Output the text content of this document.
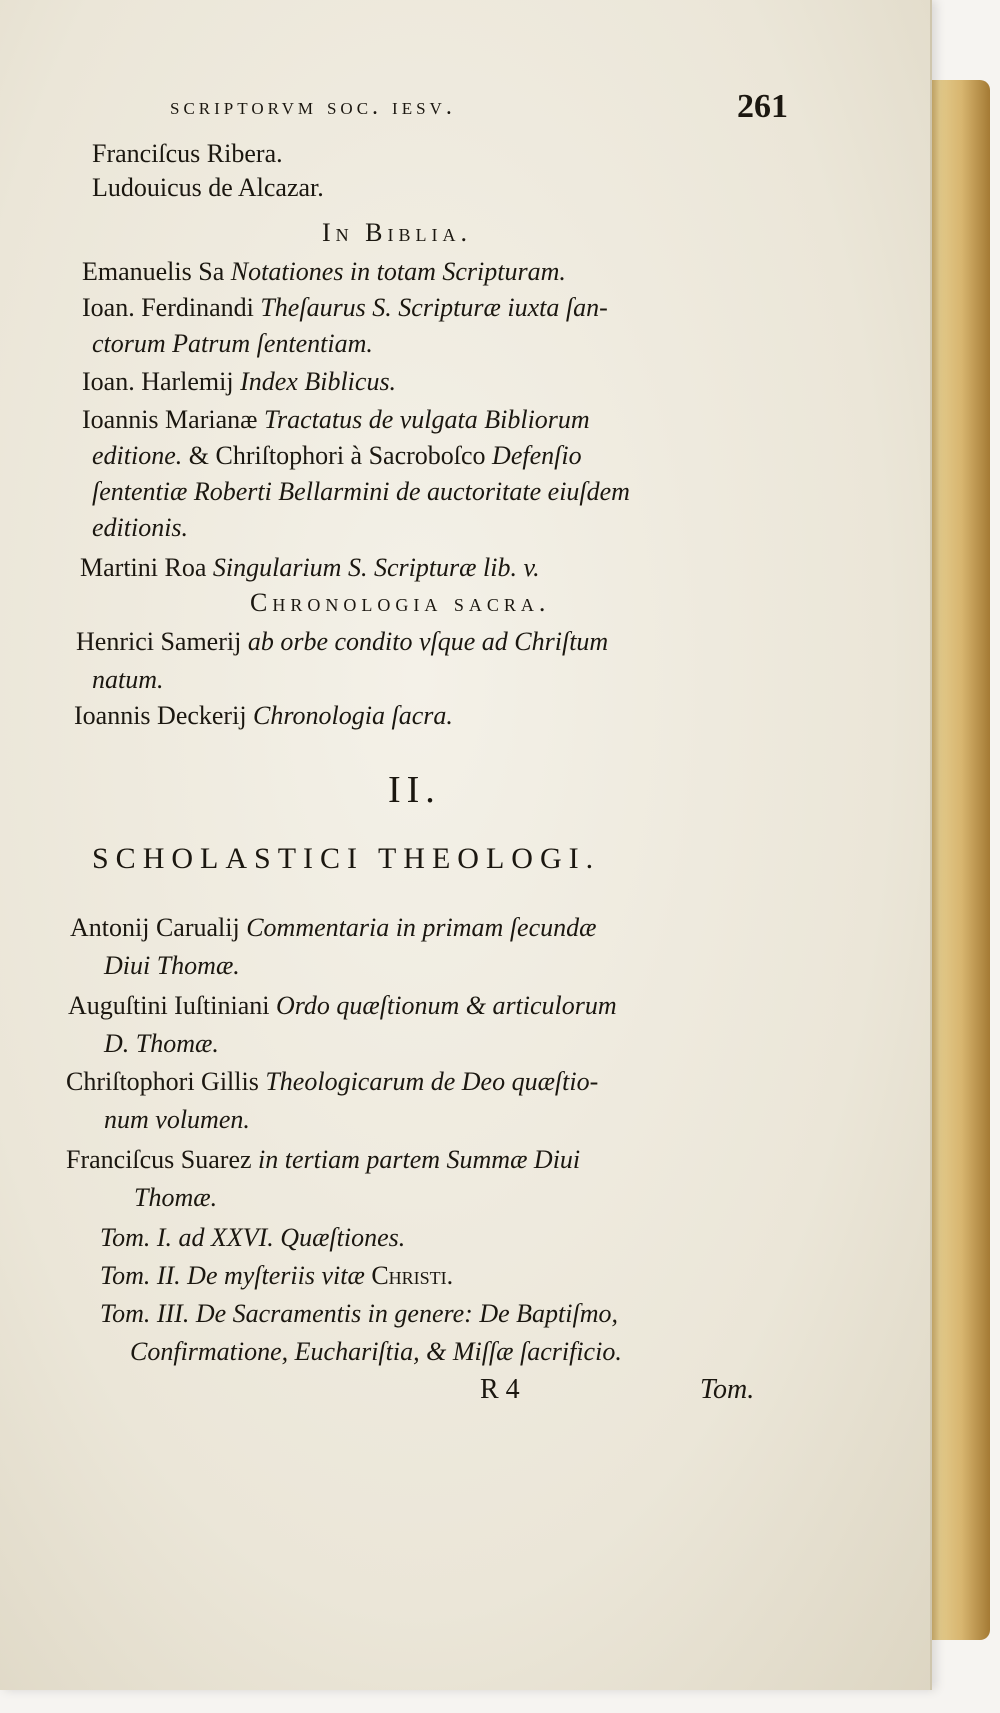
scriptorvm soc. iesv.	261
Franciſcus Ribera.
Ludouicus de Alcazar.
In Biblia.
Emanuelis Sa Notationes in totam Scripturam.
Ioan. Ferdinandi Theſaurus S. Scripturæ iuxta ſan-
ctorum Patrum ſententiam.
Ioan. Harlemij Index Biblicus.
Ioannis Marianæ Tractatus de vulgata Bibliorum
editione. & Chriſtophori à Sacroboſco Defenſio
ſententiæ Roberti Bellarmini de auctoritate eiuſdem
editionis.
Martini Roa Singularium S. Scripturæ lib. v.
Chronologia sacra.
Henrici Samerij ab orbe condito vſque ad Chriſtum
natum.
Ioannis Deckerij Chronologia ſacra.
II.
SCHOLASTICI THEOLOGI.
Antonij Carualij Commentaria in primam ſecundæ
Diui Thomæ.
Auguſtini Iuſtiniani Ordo quæſtionum & articulorum
D. Thomæ.
Chriſtophori Gillis Theologicarum de Deo quæſtio-
num volumen.
Franciſcus Suarez in tertiam partem Summæ Diui
Thomæ.
Tom. I. ad XXVI. Quæſtiones.
Tom. II. De myſteriis vitæ Christi.
Tom. III. De Sacramentis in genere: De Baptiſmo,
Confirmatione, Euchariſtia, & Miſſæ ſacrificio.
R 4	Tom.
